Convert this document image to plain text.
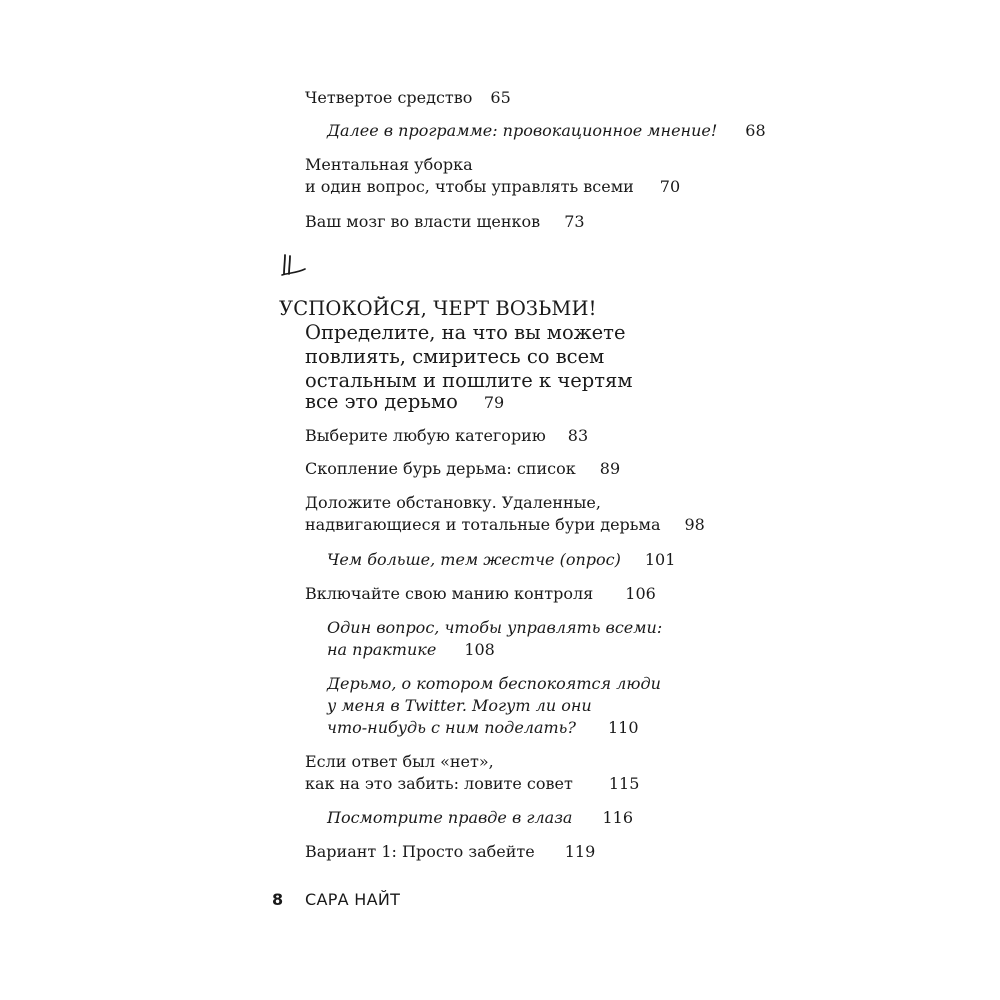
Четвертое средство 65
Далее в программе: провокационное мнение! 68
Ментальная уборка
и один вопрос, чтобы управлять всеми 70
Ваш мозг во власти щенков 73
УСПОКОЙСЯ, ЧЕРТ ВОЗЬМИ!
Определите, на что вы можете
повлиять, смиритесь со всем
остальным и пошлите к чертям
все это дерьмо 79
Выберите любую категорию 83
Скопление бурь дерьма: список 89
Доложите обстановку. Удаленные,
надвигающиеся и тотальные бури дерьма 98
Чем больше, тем жестче (опрос) 101
Включайте свою манию контроля 106
Один вопрос, чтобы управлять всеми:
на практике 108
Дерьмо, о котором беспокоятся люди
у меня в Twitter. Могут ли они
что-нибудь с ним поделать? 110
Если ответ был «нет»,
как на это забить: ловите совет 115
Посмотрите правде в глаза 116
Вариант 1: Просто забейте 119
8 САРА НАЙТ
